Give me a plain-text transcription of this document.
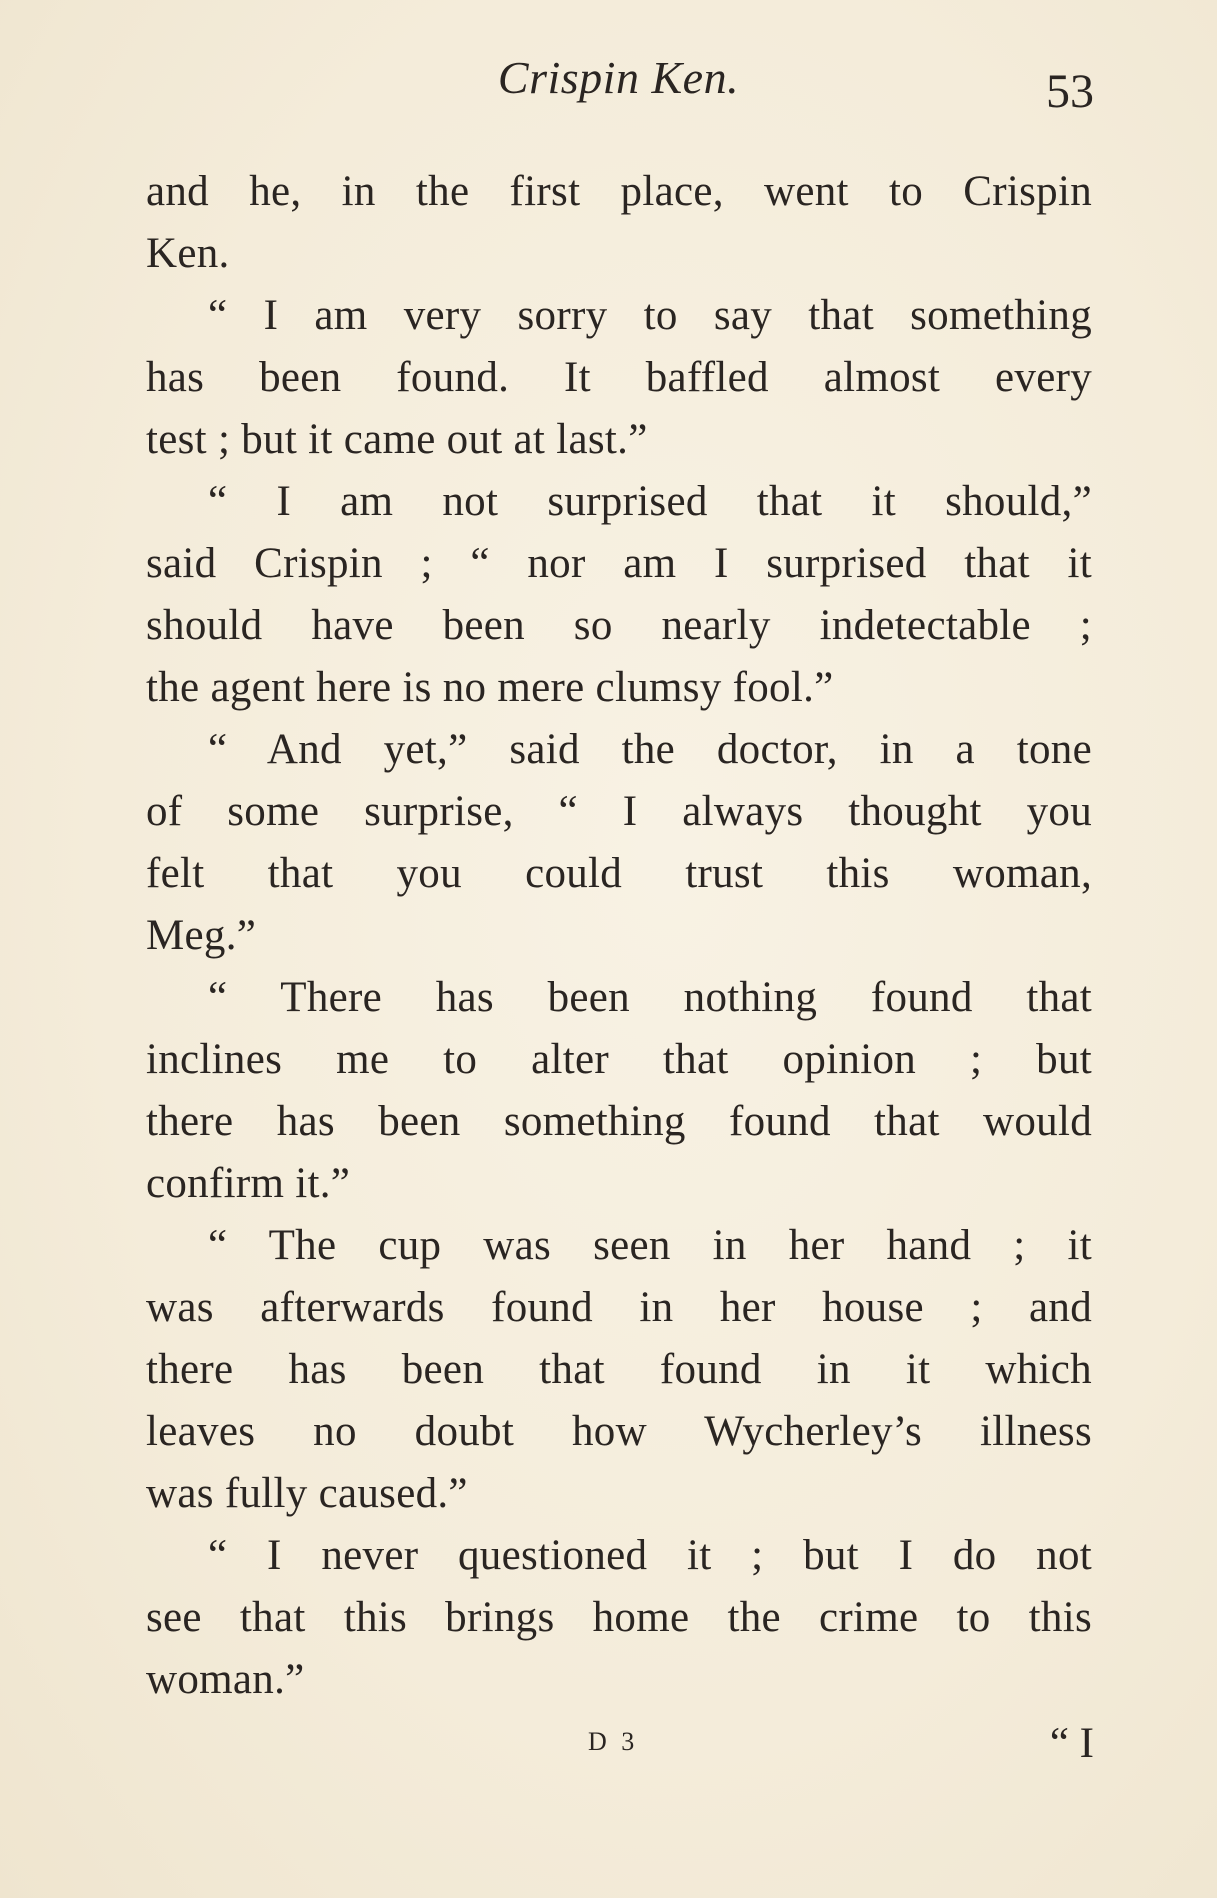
Crispin Ken.	53
and he, in the first place, went to Crispin
Ken.
“ I am very sorry to say that something
has been found. It baffled almost every
test ; but it came out at last.”
“ I am not surprised that it should,”
said Crispin ; “ nor am I surprised that it
should have been so nearly indetectable ;
the agent here is no mere clumsy fool.”
“ And yet,” said the doctor, in a tone
of some surprise, “ I always thought you
felt that you could trust this woman,
Meg.”
“ There has been nothing found that
inclines me to alter that opinion ; but
there has been something found that would
confirm it.”
“ The cup was seen in her hand ; it
was afterwards found in her house ; and
there has been that found in it which
leaves no doubt how Wycherley’s illness
was fully caused.”
“ I never questioned it ; but I do not
see that this brings home the crime to this
woman.”
D 3	“ I
